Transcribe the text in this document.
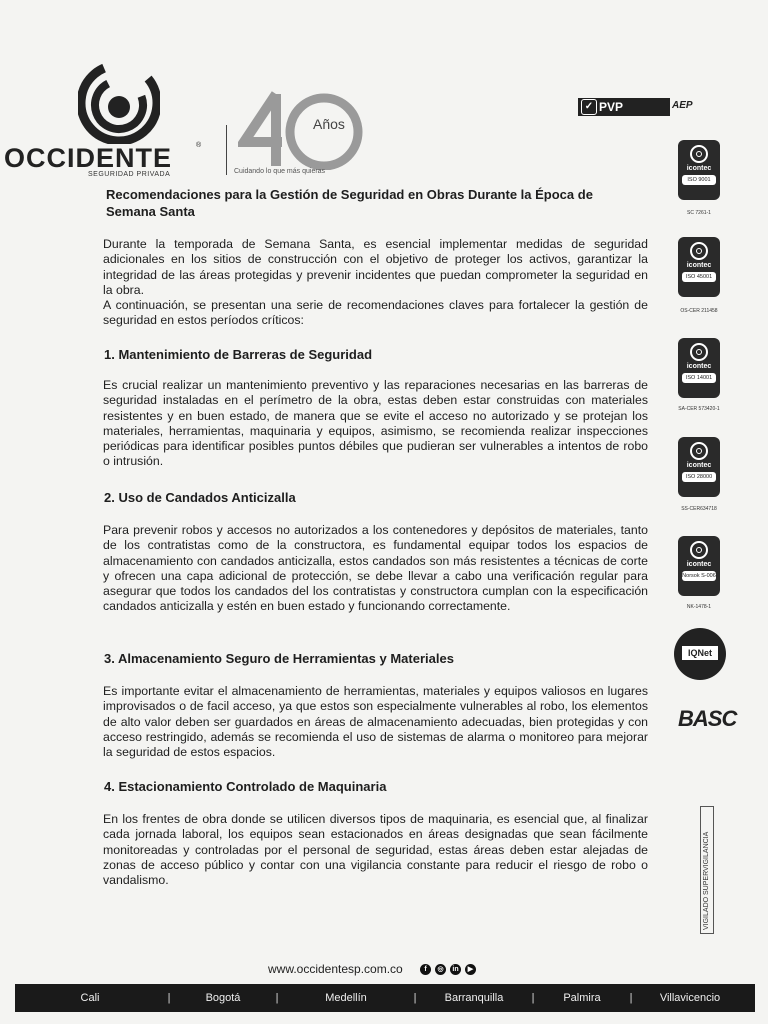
OCCIDENTE	®
SEGURIDAD PRIVADA
Años
Cuidando lo que más quieras
✓ PVP	AEP
Recomendaciones para la Gestión de Seguridad en Obras Durante la Época de Semana Santa
Durante la temporada de Semana Santa, es esencial implementar medidas de seguridad adicionales en los sitios de construcción con el objetivo de proteger los activos, garantizar la integridad de las áreas protegidas y prevenir incidentes que puedan comprometer la seguridad en la obra.
A continuación, se presentan una serie de recomendaciones claves para fortalecer la gestión de seguridad en estos períodos críticos:
1. Mantenimiento de Barreras de Seguridad
Es crucial realizar un mantenimiento preventivo y las reparaciones necesarias en las barreras de seguridad instaladas en el perímetro de la obra, estas deben estar construidas con materiales resistentes y en buen estado, de manera que se evite el acceso no autorizado y se protejan los materiales, herramientas, maquinaria y equipos, asimismo, se recomienda realizar inspecciones periódicas para identificar posibles puntos débiles que pudieran ser vulnerables a intentos de robo o intrusión.
2. Uso de Candados Anticizalla
Para prevenir robos y accesos no autorizados a los contenedores y depósitos de materiales, tanto de los contratistas como de la constructora, es fundamental equipar todos los espacios de almacenamiento con candados anticizalla, estos candados son más resistentes a técnicas de corte y ofrecen una capa adicional de protección, se debe llevar a cabo una verificación regular para asegurar que todos los candados del los contratistas y constructora cumplan con la especificación candados anticizalla y estén en buen estado y funcionando correctamente.
3. Almacenamiento Seguro de Herramientas y Materiales
Es importante evitar el almacenamiento de herramientas, materiales y equipos valiosos en lugares improvisados o de facil acceso, ya que estos son especialmente vulnerables al robo, los elementos de alto valor deben ser guardados en áreas de almacenamiento adecuadas, bien protegidas y con acceso restringido, además se recomienda el uso de sistemas de alarma o monitoreo para mejorar la seguridad de estos espacios.
4. Estacionamiento Controlado de Maquinaria
En los frentes de obra donde se utilicen diversos tipos de maquinaria, es esencial que, al finalizar cada jornada laboral, los equipos sean estacionados en áreas designadas que sean fácilmente monitoreadas y controladas por el personal de seguridad, estas áreas deben estar alejadas de zonas de acceso público y contar con una vigilancia constante para reducir el riesgo de robo o vandalismo.
icontec
ISO 9001
SC 7261-1
icontec
ISO 45001
OS-CER 211458
icontec
ISO 14001
SA-CER 573420-1
icontec
ISO 28000
SS-CER634718
icontec
Norsok S-006
NK-1478-1
IQNet
BASC
VIGILADO SUPERVIGILANCIA
www.occidentesp.com.co	f	◎	in	▶
Cali	|	Bogotá	|	Medellín	|	Barranquilla	|	Palmira	|	Villavicencio
